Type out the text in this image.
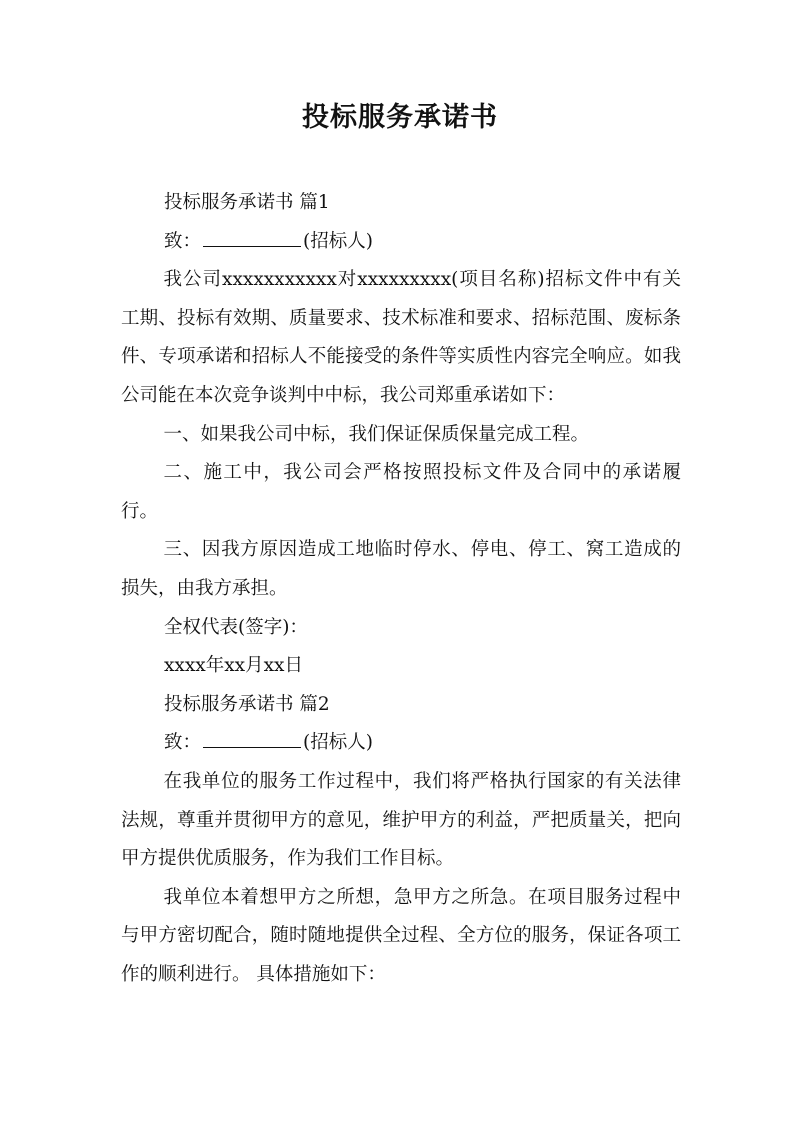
投标服务承诺书

投标服务承诺书 篇1

致：	(招标人)

我公司xxxxxxxxxxx对xxxxxxxxx(项目名称)招标文件中有关工期、投标有效期、质量要求、技术标准和要求、招标范围、废标条件、专项承诺和招标人不能接受的条件等实质性内容完全响应。如我公司能在本次竞争谈判中中标，我公司郑重承诺如下：

一、如果我公司中标，我们保证保质保量完成工程。

二、施工中，我公司会严格按照投标文件及合同中的承诺履行。

三、因我方原因造成工地临时停水、停电、停工、窝工造成的损失，由我方承担。

全权代表(签字)：

xxxx年xx月xx日

投标服务承诺书 篇2

致：	(招标人)

在我单位的服务工作过程中，我们将严格执行国家的有关法律法规，尊重并贯彻甲方的意见，维护甲方的利益，严把质量关，把向甲方提供优质服务，作为我们工作目标。

我单位本着想甲方之所想，急甲方之所急。在项目服务过程中与甲方密切配合，随时随地提供全过程、全方位的服务，保证各项工作的顺利进行。 具体措施如下：
